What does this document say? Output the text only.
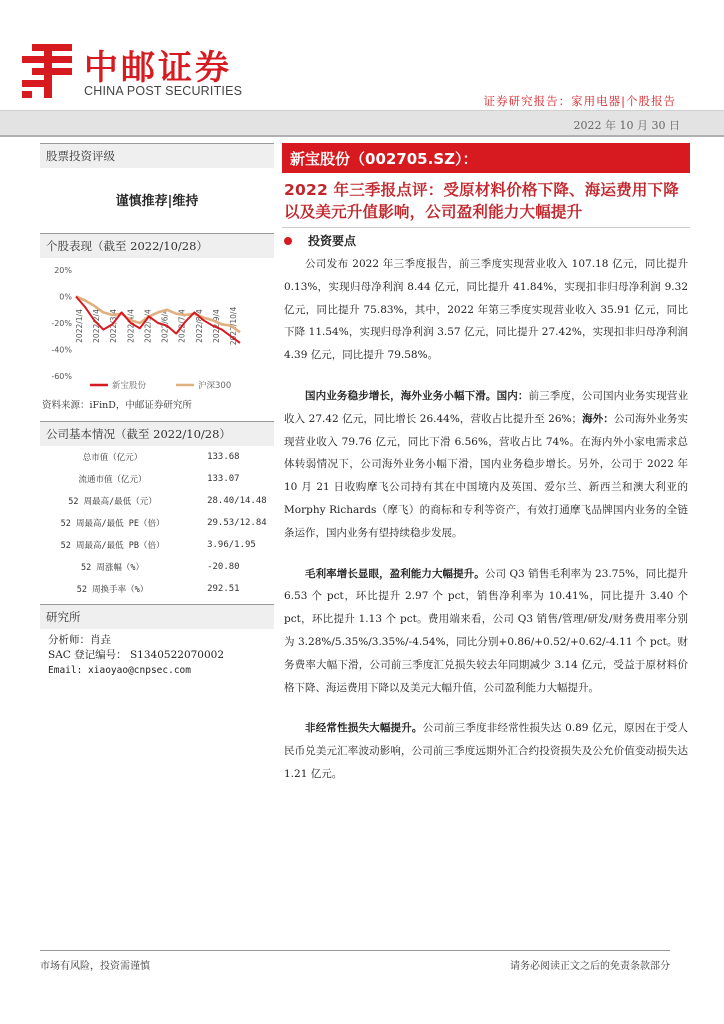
中邮证券
CHINA POST SECURITIES
证券研究报告：家用电器|个股报告
2022 年 10 月 30 日
股票投资评级
谨慎推荐|维持
个股表现（截至 2022/10/28）
20%
0%
-20%
-40%
-60%
2022/1/4 2022/2/4 2022/3/4 2022/4/4 2022/5/4 2022/6/4 2022/7/4 2022/8/4 2022/9/4 2022/10/4
新宝股份	沪深300
资料来源：iFinD，中邮证券研究所
公司基本情况（截至 2022/10/28）
总市值（亿元）	133.68
流通市值（亿元）	133.07
52 周最高/最低（元）	28.40/14.48
52 周最高/最低 PE（倍）	29.53/12.84
52 周最高/最低 PB（倍）	3.96/1.95
52 周涨幅（%）	-20.80
52 周换手率（%）	292.51
研究所
分析师：肖垚
SAC 登记编号： S1340522070002
Email: xiaoyao@cnpsec.com
新宝股份（002705.SZ）：
2022 年三季报点评：受原材料价格下降、海运费用下降以及美元升值影响，公司盈利能力大幅提升
投资要点

公司发布 2022 年三季度报告，前三季度实现营业收入 107.18 亿元，同比提升 0.13%，实现归母净利润 8.44 亿元，同比提升 41.84%，实现扣非归母净利润 9.32 亿元，同比提升 75.83%，其中，2022 年第三季度实现营业收入 35.91 亿元，同比下降 11.54%，实现归母净利润 3.57 亿元，同比提升 27.42%，实现扣非归母净利润 4.39 亿元，同比提升 79.58%。

国内业务稳步增长，海外业务小幅下滑。国内：前三季度，公司国内业务实现营业收入 27.42 亿元，同比增长 26.44%，营收占比提升至 26%；海外：公司海外业务实现营业收入 79.76 亿元，同比下滑 6.56%，营收占比 74%。在海内外小家电需求总体转弱情况下，公司海外业务小幅下滑，国内业务稳步增长。另外，公司于 2022 年 10 月 21 日收购摩飞公司持有其在中国境内及英国、爱尔兰、新西兰和澳大利亚的 Morphy Richards（摩飞）的商标和专利等资产，有效打通摩飞品牌国内业务的全链条运作，国内业务有望持续稳步发展。

毛利率增长显眼，盈利能力大幅提升。公司 Q3 销售毛利率为 23.75%，同比提升 6.53 个 pct，环比提升 2.97 个 pct，销售净利率为 10.41%，同比提升 3.40 个 pct，环比提升 1.13 个 pct。费用端来看，公司 Q3 销售/管理/研发/财务费用率分别为 3.28%/5.35%/3.35%/-4.54%，同比分别+0.86/+0.52/+0.62/-4.11 个 pct。财务费率大幅下滑，公司前三季度汇兑损失较去年同期减少 3.14 亿元，受益于原材料价格下降、海运费用下降以及美元大幅升值，公司盈利能力大幅提升。

非经常性损失大幅提升。公司前三季度非经常性损失达 0.89 亿元，原因在于受人民币兑美元汇率波动影响，公司前三季度远期外汇合约投资损失及公允价值变动损失达 1.21 亿元。

市场有风险，投资需谨慎	请务必阅读正文之后的免责条款部分
